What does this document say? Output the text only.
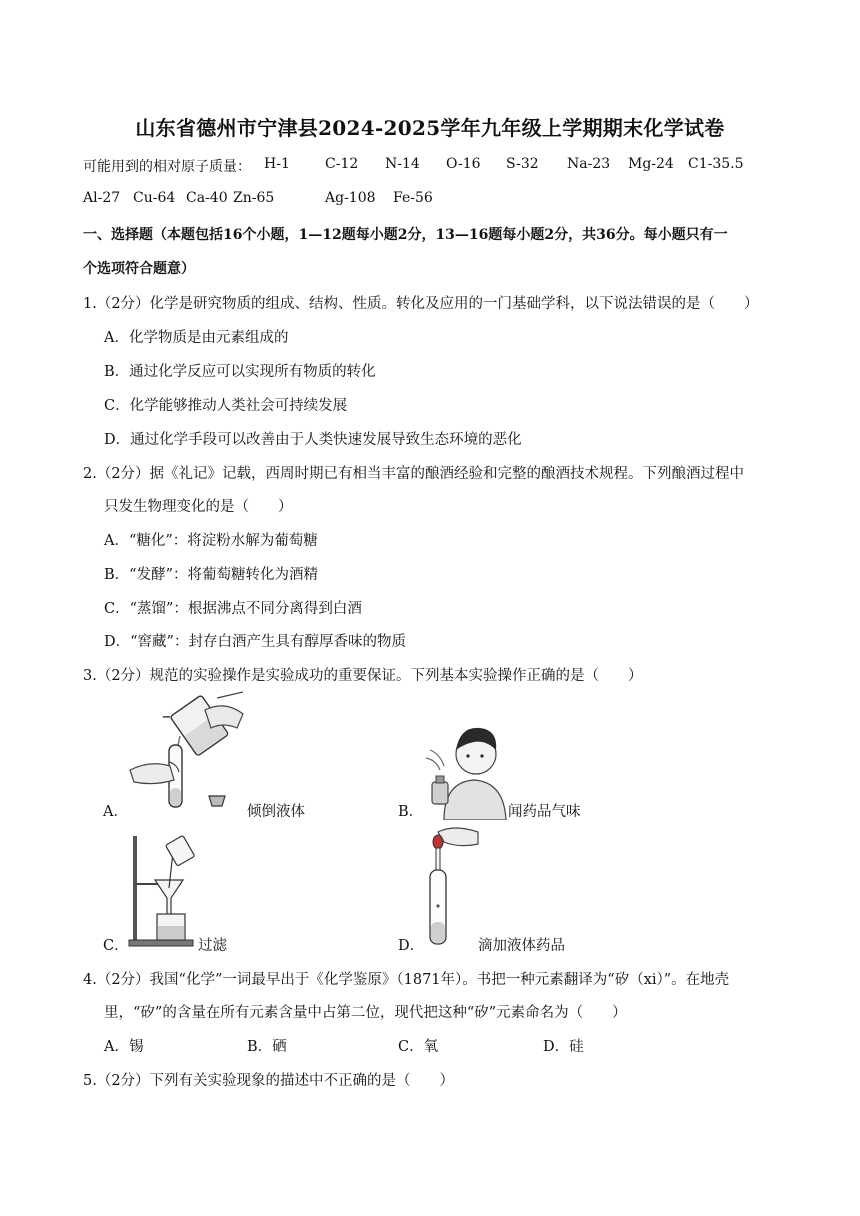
山东省德州市宁津县2024-2025学年九年级上学期期末化学试卷
可能用到的相对原子质量： H-1	C-12 N-14 O-16 S-32 Na-23 Mg-24 C1-35.5
Al-27 Cu-64 Ca-40 Zn-65	Ag-108 Fe-56
一、选择题（本题包括16个小题，1—12题每小题2分，13—16题每小题2分，共36分。每小题只有一
个选项符合题意）
1.（2分）化学是研究物质的组成、结构、性质。转化及应用的一门基础学科，以下说法错误的是（　　）
A．化学物质是由元素组成的
B．通过化学反应可以实现所有物质的转化
C．化学能够推动人类社会可持续发展
D．通过化学手段可以改善由于人类快速发展导致生态环境的恶化
2.（2分）据《礼记》记载，西周时期已有相当丰富的酿酒经验和完整的酿酒技术规程。下列酿酒过程中
只发生物理变化的是（　　）
A．“糖化”：将淀粉水解为葡萄糖
B．“发酵”：将葡萄糖转化为酒精
C．“蒸馏”：根据沸点不同分离得到白酒
D．“窖藏”：封存白酒产生具有醇厚香味的物质
3.（2分）规范的实验操作是实验成功的重要保证。下列基本实验操作正确的是（　　）
A．	倾倒液体	B．	闻药品气味
C．	过滤	D．	滴加液体药品
4.（2分）我国“化学”一词最早出于《化学鉴原》（1871年）。书把一种元素翻译为“矽（xi）”。在地壳
里，“矽”的含量在所有元素含量中占第二位，现代把这种“矽”元素命名为（　　）
A．锡	B．硒	C．氧	D．硅
5.（2分）下列有关实验现象的描述中不正确的是（　　）
